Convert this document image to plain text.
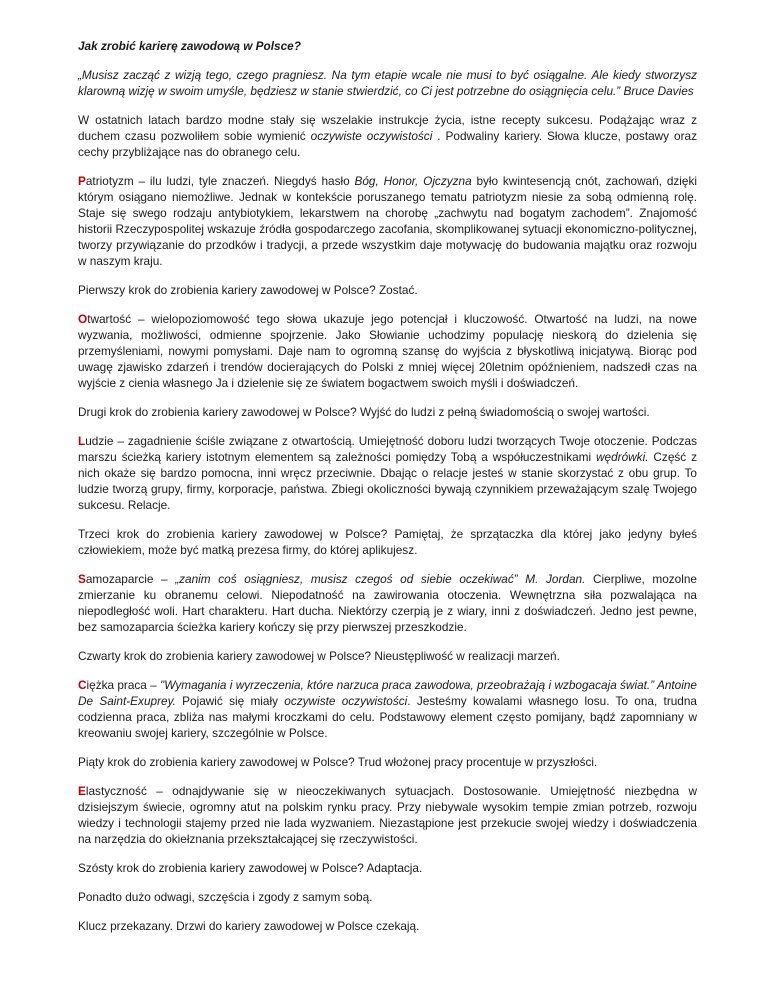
Jak zrobić karierę zawodową w Polsce?

„Musisz zacząć z wizją tego, czego pragniesz. Na tym etapie wcale nie musi to być osiągalne. Ale kiedy stworzysz klarowną wizję w swoim umyśle, będziesz w stanie stwierdzić, co Ci jest potrzebne do osiągnięcia celu.” Bruce Davies

W ostatnich latach bardzo modne stały się wszelakie instrukcje życia, istne recepty sukcesu. Podążając wraz z duchem czasu pozwoliłem sobie wymienić oczywiste oczywistości . Podwaliny kariery. Słowa klucze, postawy oraz cechy przybliżające nas do obranego celu.

Patriotyzm – ilu ludzi, tyle znaczeń. Niegdyś hasło Bóg, Honor, Ojczyzna było kwintesencją cnót, zachowań, dzięki którym osiągano niemożliwe. Jednak w kontekście poruszanego tematu patriotyzm niesie za sobą odmienną rolę. Staje się swego rodzaju antybiotykiem, lekarstwem na chorobę „zachwytu nad bogatym zachodem”. Znajomość historii Rzeczypospolitej wskazuje źródła gospodarczego zacofania, skomplikowanej sytuacji ekonomiczno-politycznej, tworzy przywiązanie do przodków i tradycji, a przede wszystkim daje motywację do budowania majątku oraz rozwoju w naszym kraju.

Pierwszy krok do zrobienia kariery zawodowej w Polsce? Zostać.

Otwartość – wielopoziomowość tego słowa ukazuje jego potencjał i kluczowość. Otwartość na ludzi, na nowe wyzwania, możliwości, odmienne spojrzenie. Jako Słowianie uchodzimy populację nieskorą do dzielenia się przemyśleniami, nowymi pomysłami. Daje nam to ogromną szansę do wyjścia z błyskotliwą inicjatywą. Biorąc pod uwagę zjawisko zdarzeń i trendów docierających do Polski z mniej więcej 20letnim opóźnieniem, nadszedł czas na wyjście z cienia własnego Ja i dzielenie się ze światem bogactwem swoich myśli i doświadczeń.

Drugi krok do zrobienia kariery zawodowej w Polsce? Wyjść do ludzi z pełną świadomością o swojej wartości.

Ludzie – zagadnienie ściśle związane z otwartością. Umiejętność doboru ludzi tworzących Twoje otoczenie. Podczas marszu ścieżką kariery istotnym elementem są zależności pomiędzy Tobą a współuczestnikami wędrówki. Część z nich okaże się bardzo pomocna, inni wręcz przeciwnie. Dbając o relacje jesteś w stanie skorzystać z obu grup. To ludzie tworzą grupy, firmy, korporacje, państwa. Zbiegi okoliczności bywają czynnikiem przeważającym szalę Twojego sukcesu. Relacje.

Trzeci krok do zrobienia kariery zawodowej w Polsce? Pamiętaj, że sprzątaczka dla której jako jedyny byłeś człowiekiem, może być matką prezesa firmy, do której aplikujesz.

Samozaparcie – „zanim coś osiągniesz, musisz czegoś od siebie oczekiwać” M. Jordan. Cierpliwe, mozolne zmierzanie ku obranemu celowi. Niepodatność na zawirowania otoczenia. Wewnętrzna siła pozwalająca na niepodległość woli. Hart charakteru. Hart ducha. Niektórzy czerpią je z wiary, inni z doświadczeń. Jedno jest pewne, bez samozaparcia ścieżka kariery kończy się przy pierwszej przeszkodzie.

Czwarty krok do zrobienia kariery zawodowej w Polsce? Nieustępliwość w realizacji marzeń.

Ciężka praca – "Wymagania i wyrzeczenia, które narzuca praca zawodowa, przeobrażają i wzbogacaja świat.” Antoine De Saint-Exuprey. Pojawić się miały oczywiste oczywistości. Jesteśmy kowalami własnego losu. To ona, trudna codzienna praca, zbliża nas małymi kroczkami do celu. Podstawowy element często pomijany, bądź zapomniany w kreowaniu swojej kariery, szczególnie w Polsce.

Piąty krok do zrobienia kariery zawodowej w Polsce? Trud włożonej pracy procentuje w przyszłości.

Elastyczność – odnajdywanie się w nieoczekiwanych sytuacjach. Dostosowanie. Umiejętność niezbędna w dzisiejszym świecie, ogromny atut na polskim rynku pracy. Przy niebywale wysokim tempie zmian potrzeb, rozwoju wiedzy i technologii stajemy przed nie lada wyzwaniem. Niezastąpione jest przekucie swojej wiedzy i doświadczenia na narzędzia do okiełznania przekształcającej się rzeczywistości.

Szósty krok do zrobienia kariery zawodowej w Polsce? Adaptacja.

Ponadto dużo odwagi, szczęścia i zgody z samym sobą.

Klucz przekazany. Drzwi do kariery zawodowej w Polsce czekają.
